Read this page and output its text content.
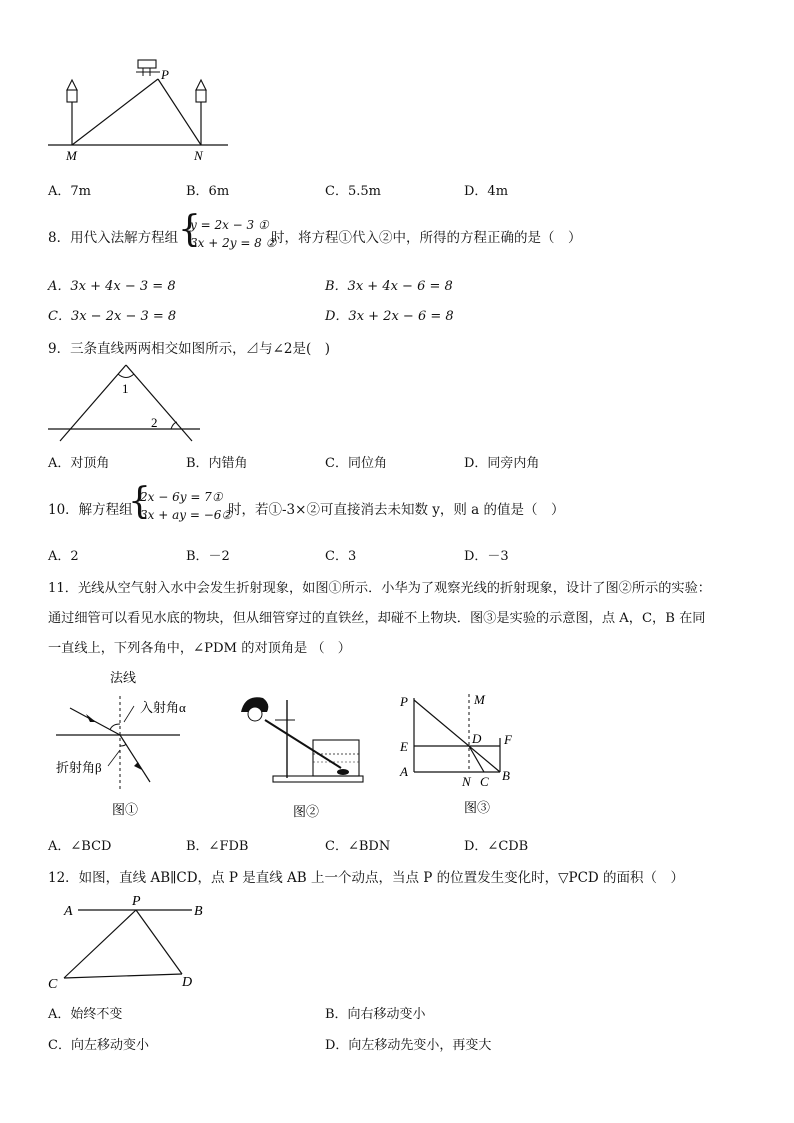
P
M	N
A．7m	B．6m	C．5.5m	D．4m
8．用代入法解方程组 {
y = 2x − 3 ①
3x + 2y = 8 ②
时，将方程①代入②中，所得的方程正确的是（　）
A．3x + 4x − 3 = 8	B．3x + 4x − 6 = 8
C．3x − 2x − 3 = 8	D．3x + 2x − 6 = 8
9．三条直线两两相交如图所示，⊿与∠2是(　)
1
2
A．对顶角	B．内错角	C．同位角	D．同旁内角
10．解方程组
{
2x − 6y = 7①
3x + ay = −6②
时，若①-3×②可直接消去未知数 y，则 a 的值是（　）
A．2	B．－2	C．3	D．－3
11．光线从空气射入水中会发生折射现象，如图①所示．小华为了观察光线的折射现象，设计了图②所示的实验：
通过细管可以看见水底的物块，但从细管穿过的直铁丝，却碰不上物块．图③是实验的示意图，点 A，C，B 在同
一直线上，下列各角中，∠PDM 的对顶角是 （　）
法线
入射角α
折射角β
图①	图②
P	M
E
D F
A
N C B
图③
A．∠BCD	B．∠FDB	C．∠BDN	D．∠CDB
12．如图，直线 AB∥CD，点 P 是直线 AB 上一个动点，当点 P 的位置发生变化时，▽PCD 的面积（　）
A
P
B
C	D
A．始终不变	B．向右移动变小
C．向左移动变小	D．向左移动先变小，再变大
